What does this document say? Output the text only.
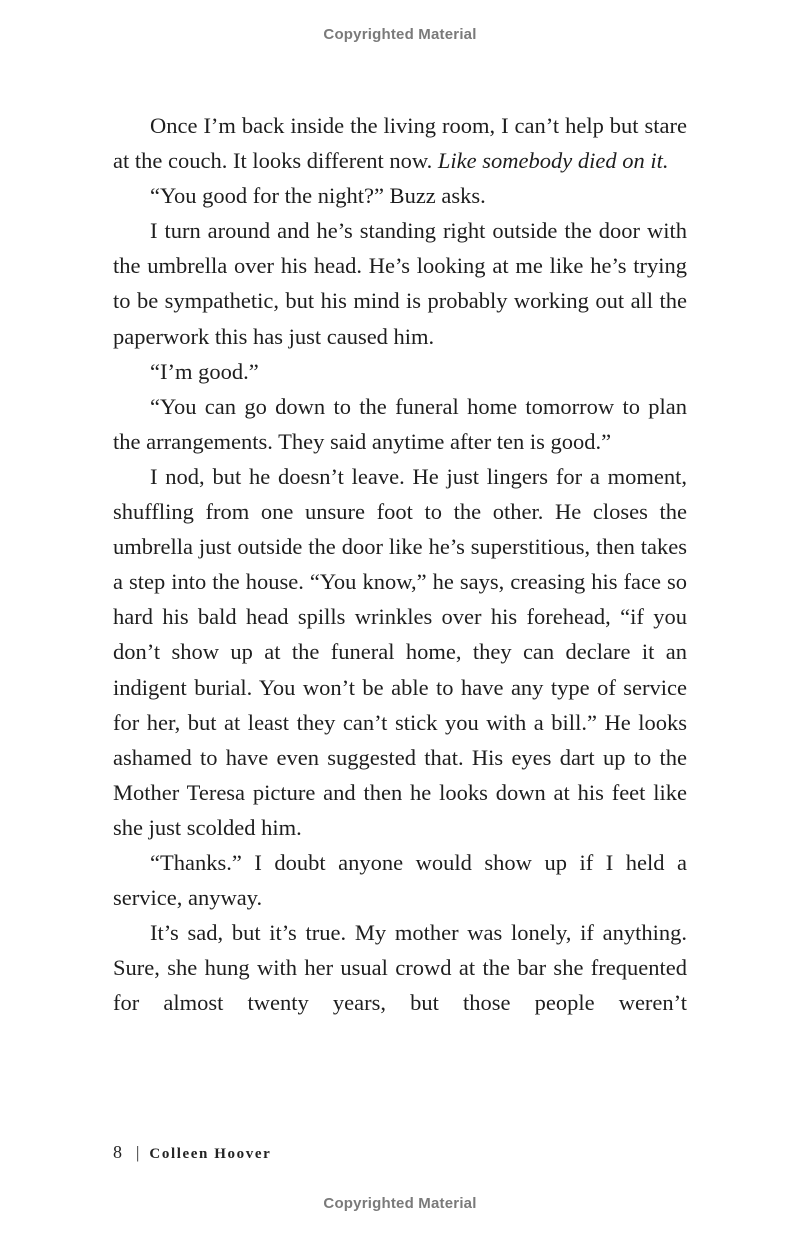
Copyrighted Material

Once I’m back inside the living room, I can’t help but stare at the couch. It looks different now. Like somebody died on it.

“You good for the night?” Buzz asks.

I turn around and he’s standing right outside the door with the umbrella over his head. He’s looking at me like he’s trying to be sympathetic, but his mind is probably working out all the paperwork this has just caused him.

“I’m good.”

“You can go down to the funeral home tomorrow to plan the arrangements. They said anytime after ten is good.”

I nod, but he doesn’t leave. He just lingers for a moment, shuffling from one unsure foot to the other. He closes the umbrella just outside the door like he’s superstitious, then takes a step into the house. “You know,” he says, creasing his face so hard his bald head spills wrinkles over his forehead, “if you don’t show up at the funeral home, they can declare it an indigent burial. You won’t be able to have any type of service for her, but at least they can’t stick you with a bill.” He looks ashamed to have even suggested that. His eyes dart up to the Mother Teresa picture and then he looks down at his feet like she just scolded him.

“Thanks.” I doubt anyone would show up if I held a service, anyway.

It’s sad, but it’s true. My mother was lonely, if anything. Sure, she hung with her usual crowd at the bar she frequented for almost twenty years, but those people weren’t

8 | Colleen Hoover
Copyrighted Material
